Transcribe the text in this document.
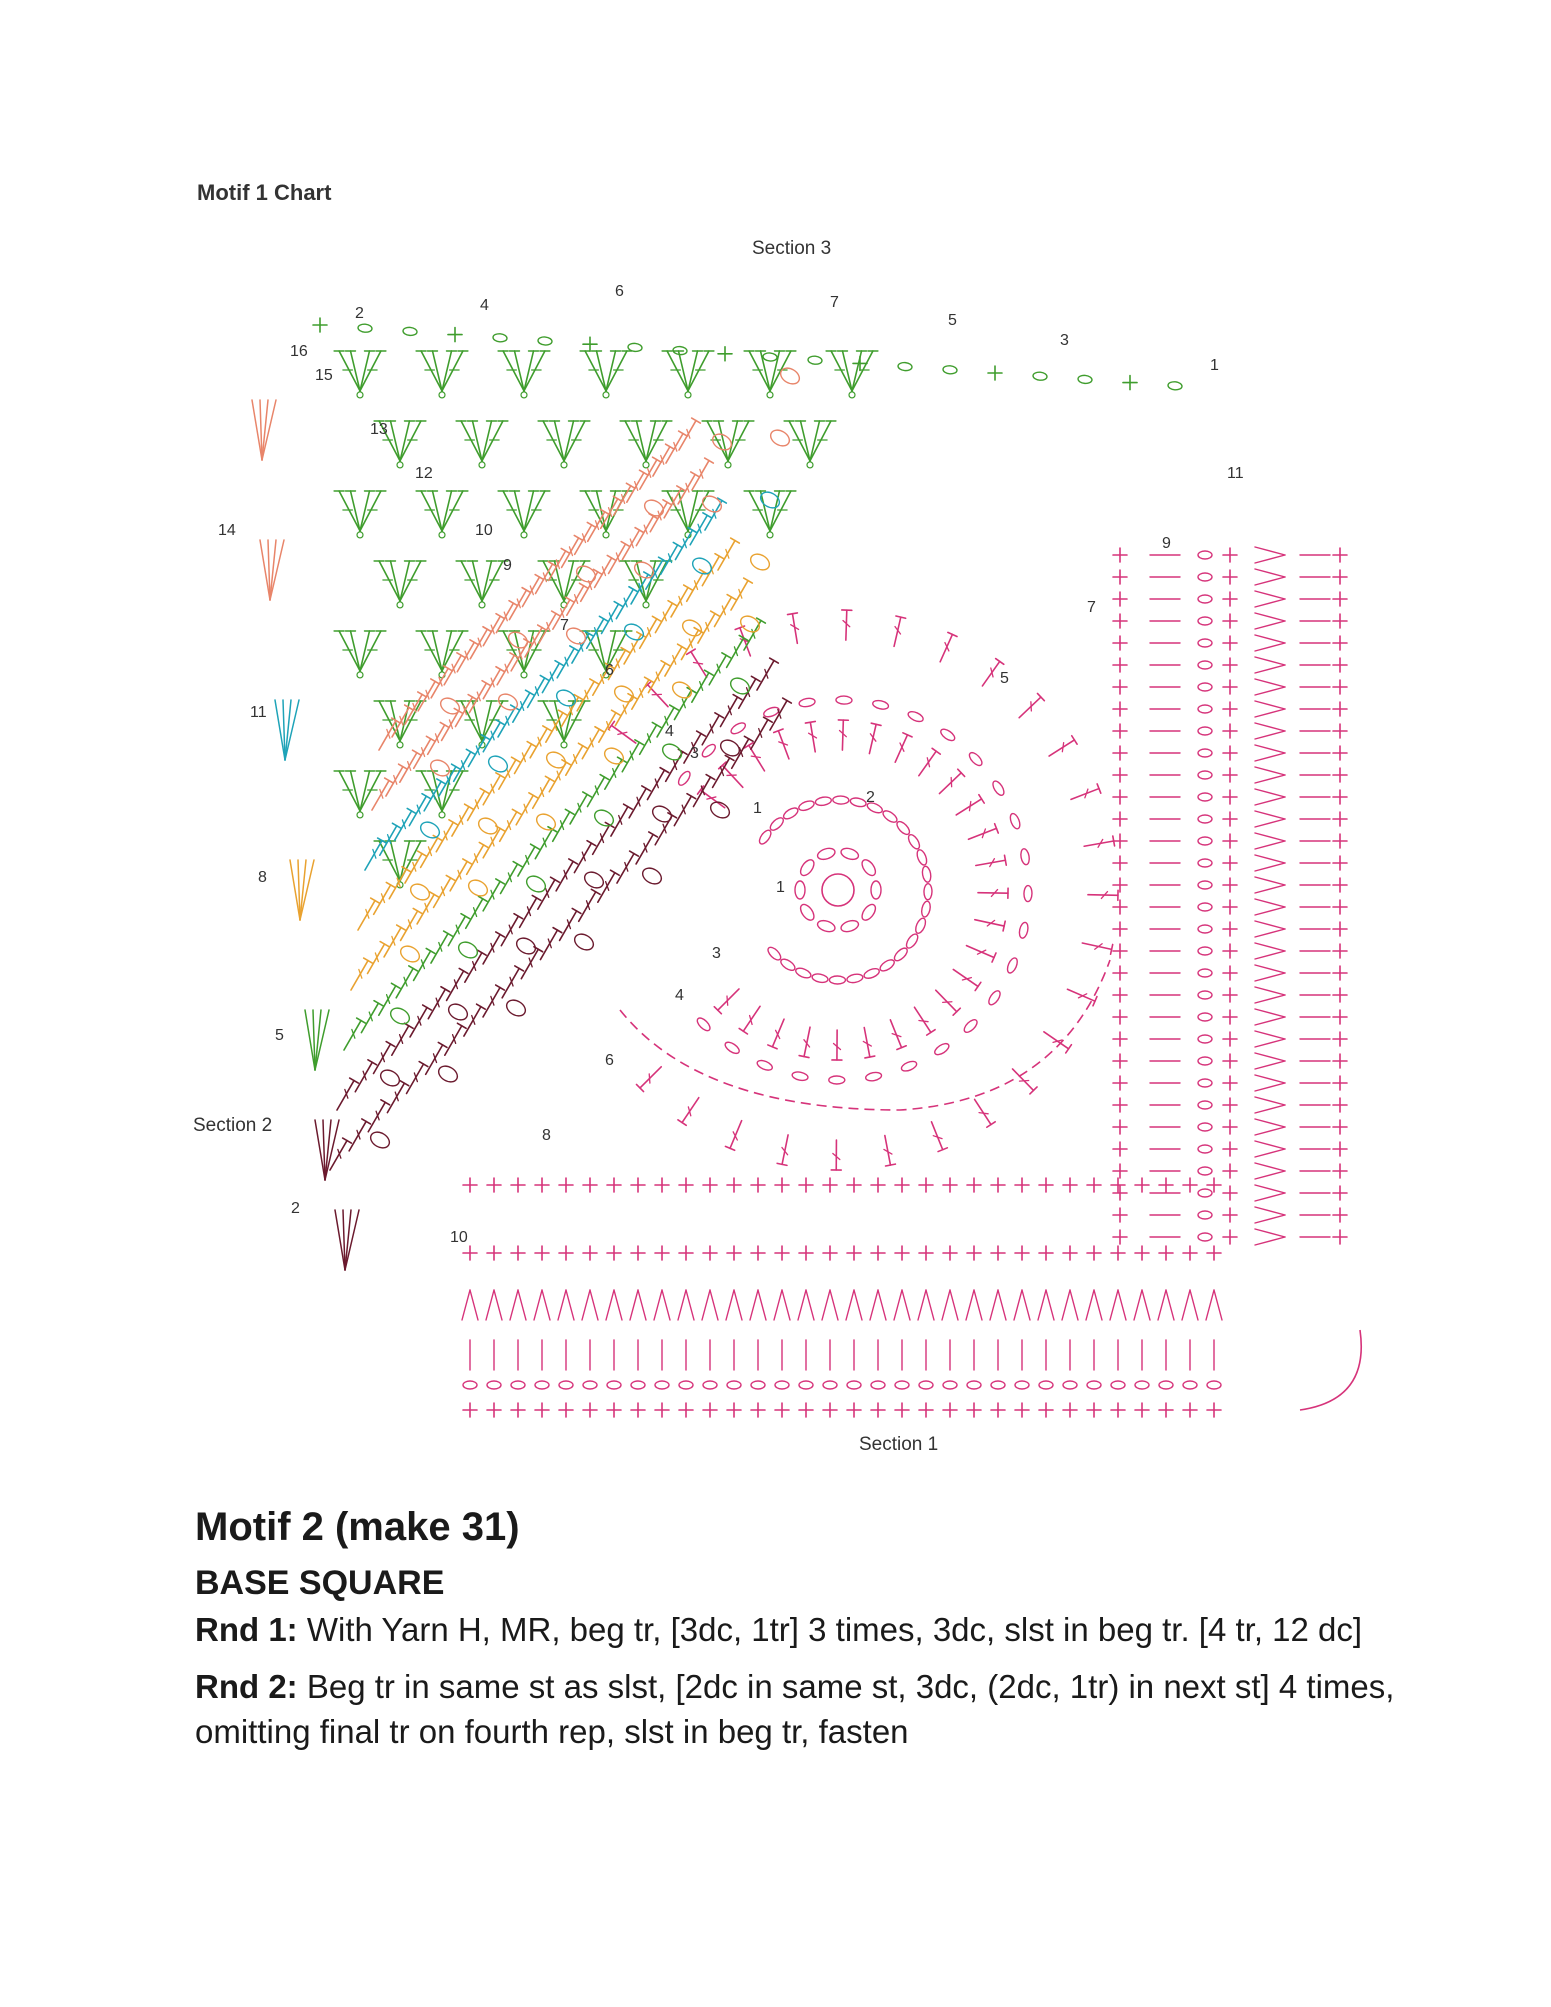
Motif 1 Chart
Section 3
Section 2
Section 1
1
2
3
4
5
6
7
1
3
4
6
7
9
10
12
13
15
16
2
5
8
11
14
1
2
3
4
5
6
7
8
9
10
11
Motif 2 (make 31)
BASE SQUARE
Rnd 1: With Yarn H, MR, beg tr, [3dc, 1tr] 3 times, 3dc, slst in beg tr. [4 tr, 12 dc]
Rnd 2: Beg tr in same st as slst, [2dc in same st, 3dc, (2dc, 1tr) in next st] 4 times, omitting final tr on fourth rep, slst in beg tr, fasten
